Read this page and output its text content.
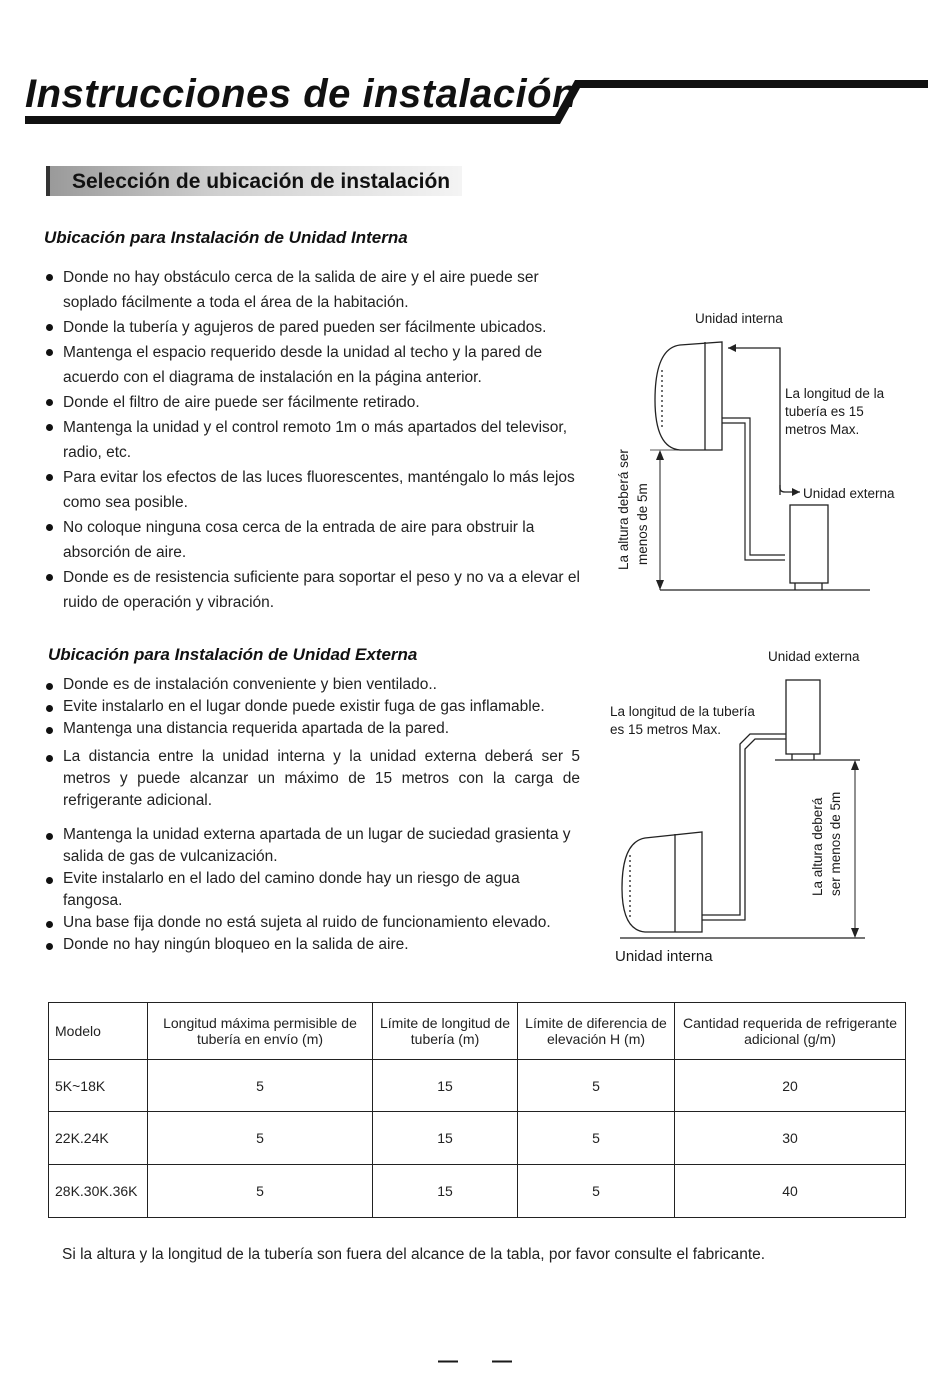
Instrucciones de instalación
Selección de ubicación de instalación
Ubicación para Instalación de Unidad Interna
Donde no hay obstáculo cerca de la salida de aire y el aire puede ser soplado fácilmente a toda el área de la habitación.
Donde la tubería y agujeros de pared pueden ser fácilmente ubicados.
Mantenga el espacio requerido desde la unidad al techo y la pared de acuerdo con el diagrama de instalación en la página anterior.
Donde el filtro de aire puede ser fácilmente retirado.
Mantenga la unidad y el control remoto 1m o más apartados del televisor, radio, etc.
Para evitar los efectos de las luces fluorescentes, manténgalo lo más lejos como sea posible.
No coloque ninguna cosa cerca de la entrada de aire para obstruir la absorción de aire.
Donde es de resistencia suficiente para soportar el peso y no va a elevar el ruido de operación y vibración.
Ubicación para Instalación de Unidad Externa
Donde es de instalación conveniente y bien ventilado..
Evite instalarlo en el lugar donde puede existir fuga de gas inflamable.
Mantenga una distancia requerida apartada de la pared.
La distancia entre la unidad interna y la unidad externa deberá ser 5 metros y puede alcanzar un máximo de 15 metros con la carga de refrigerante adicional.
Mantenga la unidad externa apartada de un lugar de suciedad grasienta y salida de gas de vulcanización.
Evite instalarlo en el lado del camino donde hay un riesgo de agua fangosa.
Una base fija donde no está sujeta al ruido de funcionamiento elevado.
Donde no hay ningún bloqueo en la salida de aire.
Unidad interna
La longitud de la
tubería es 15
metros Max.
Unidad externa
La altura deberá ser menos de 5m
Unidad externa
La longitud de la tubería
es 15 metros Max.
La altura deberá ser menos de 5m
Unidad interna
Modelo	Longitud máxima permisible de tubería en envío (m)	Límite de longitud de tubería (m)	Límite de diferencia de elevación H (m)	Cantidad requerida de refrigerante adicional (g/m)
5K~18K	5	15	5	20
22K.24K	5	15	5	30
28K.30K.36K	5	15	5	40
Si la altura y la longitud de la tubería son fuera del alcance de la tabla, por favor consulte el fabricante.
— —
